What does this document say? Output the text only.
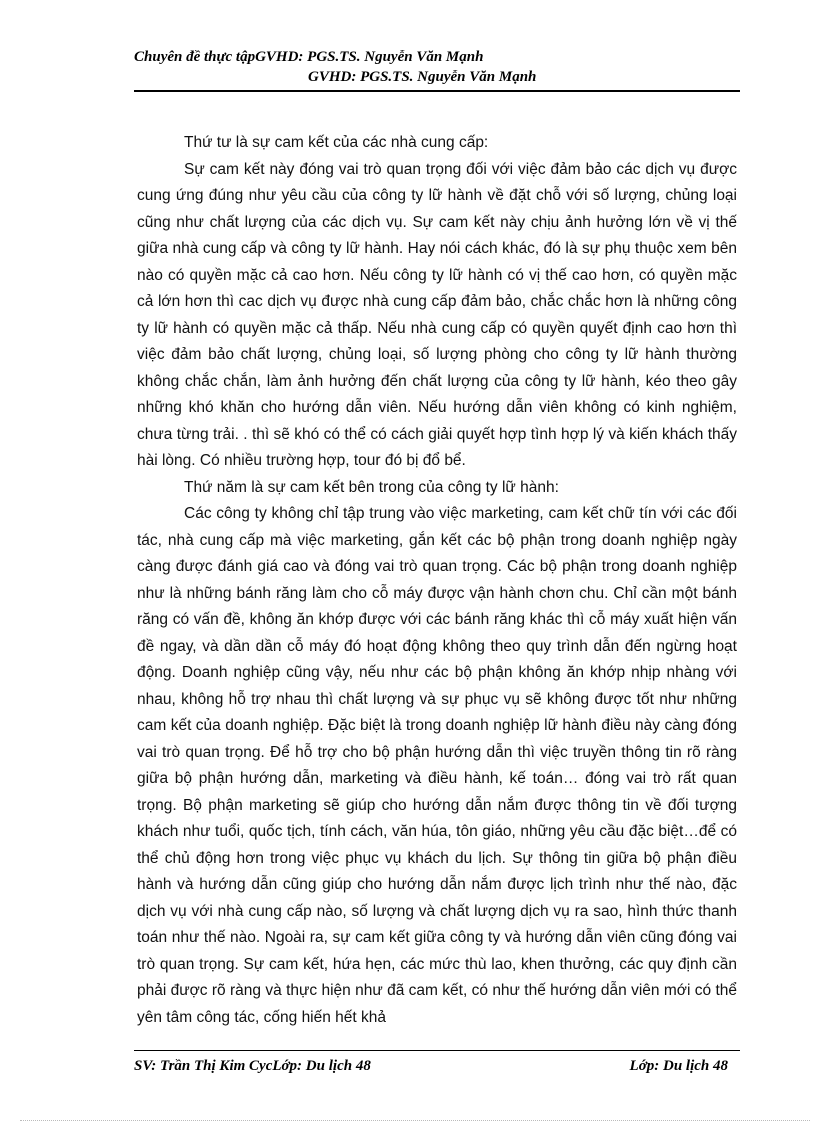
Chuyên đề thực tậpGVHD: PGS.TS. Nguyễn Văn Mạnh
GVHD: PGS.TS. Nguyễn Văn Mạnh

Thứ tư là sự cam kết của các nhà cung cấp:

Sự cam kết này đóng vai trò quan trọng đối với việc đảm bảo các dịch vụ được cung ứng đúng như yêu cầu của công ty lữ hành về đặt chỗ với số lượng, chủng loại cũng như chất lượng của các dịch vụ. Sự cam kết này chịu ảnh hưởng lớn về vị thế giữa nhà cung cấp và công ty lữ hành. Hay nói cách khác, đó là sự phụ thuộc xem bên nào có quyền mặc cả cao hơn. Nếu công ty lữ hành có vị thế cao hơn, có quyền mặc cả lớn hơn thì cac dịch vụ được nhà cung cấp đảm bảo, chắc chắc hơn là những công ty lữ hành có quyền mặc cả thấp. Nếu nhà cung cấp có quyền quyết định cao hơn thì việc đảm bảo chất lượng, chủng loại, số lượng phòng cho công ty lữ hành thường không chắc chắn, làm ảnh hưởng đến chất lượng của công ty lữ hành, kéo theo gây những khó khăn cho hướng dẫn viên. Nếu hướng dẫn viên không có kinh nghiệm, chưa từng trải. . thì sẽ khó có thể có cách giải quyết hợp tình hợp lý và kiến khách thấy hài lòng. Có nhiều trường hợp, tour đó bị đổ bể.

Thứ năm là sự cam kết bên trong của công ty lữ hành:

Các công ty không chỉ tập trung vào việc marketing, cam kết chữ tín với các đối tác, nhà cung cấp mà việc marketing, gắn kết các bộ phận trong doanh nghiệp ngày càng được đánh giá cao và đóng vai trò quan trọng. Các bộ phận trong doanh nghiệp như là những bánh răng làm cho cỗ máy được vận hành chơn chu. Chỉ cần một bánh răng có vấn đề, không ăn khớp được với các bánh răng khác thì cỗ máy xuất hiện vấn đề ngay, và dần dần cỗ máy đó hoạt động không theo quy trình dẫn đến ngừng hoạt động. Doanh nghiệp cũng vậy, nếu như các bộ phận không ăn khớp nhịp nhàng với nhau, không hỗ trợ nhau thì chất lượng và sự phục vụ sẽ không được tốt như những cam kết của doanh nghiệp. Đặc biệt là trong doanh nghiệp lữ hành điều này càng đóng vai trò quan trọng. Để hỗ trợ cho bộ phận hướng dẫn thì việc truyền thông tin rõ ràng giữa bộ phận hướng dẫn, marketing và điều hành, kế toán… đóng vai trò rất quan trọng. Bộ phận marketing sẽ giúp cho hướng dẫn nắm được thông tin về đối tượng khách như tuổi, quốc tịch, tính cách, văn húa, tôn giáo, những yêu cầu đặc biệt…để có thể chủ động hơn trong việc phục vụ khách du lịch. Sự thông tin giữa bộ phận điều hành và hướng dẫn cũng giúp cho hướng dẫn nắm được lịch trình như thế nào, đặc dịch vụ với nhà cung cấp nào, số lượng và chất lượng dịch vụ ra sao, hình thức thanh toán như thế nào. Ngoài ra, sự cam kết giữa công ty và hướng dẫn viên cũng đóng vai trò quan trọng. Sự cam kết, hứa hẹn, các mức thù lao, khen thưởng, các quy định cần phải được rõ ràng và thực hiện như đã cam kết, có như thế hướng dẫn viên mới có thể yên tâm công tác, cống hiến hết khả

SV: Trần Thị Kim CycLớp: Du lịch 48	Lớp: Du lịch 48
